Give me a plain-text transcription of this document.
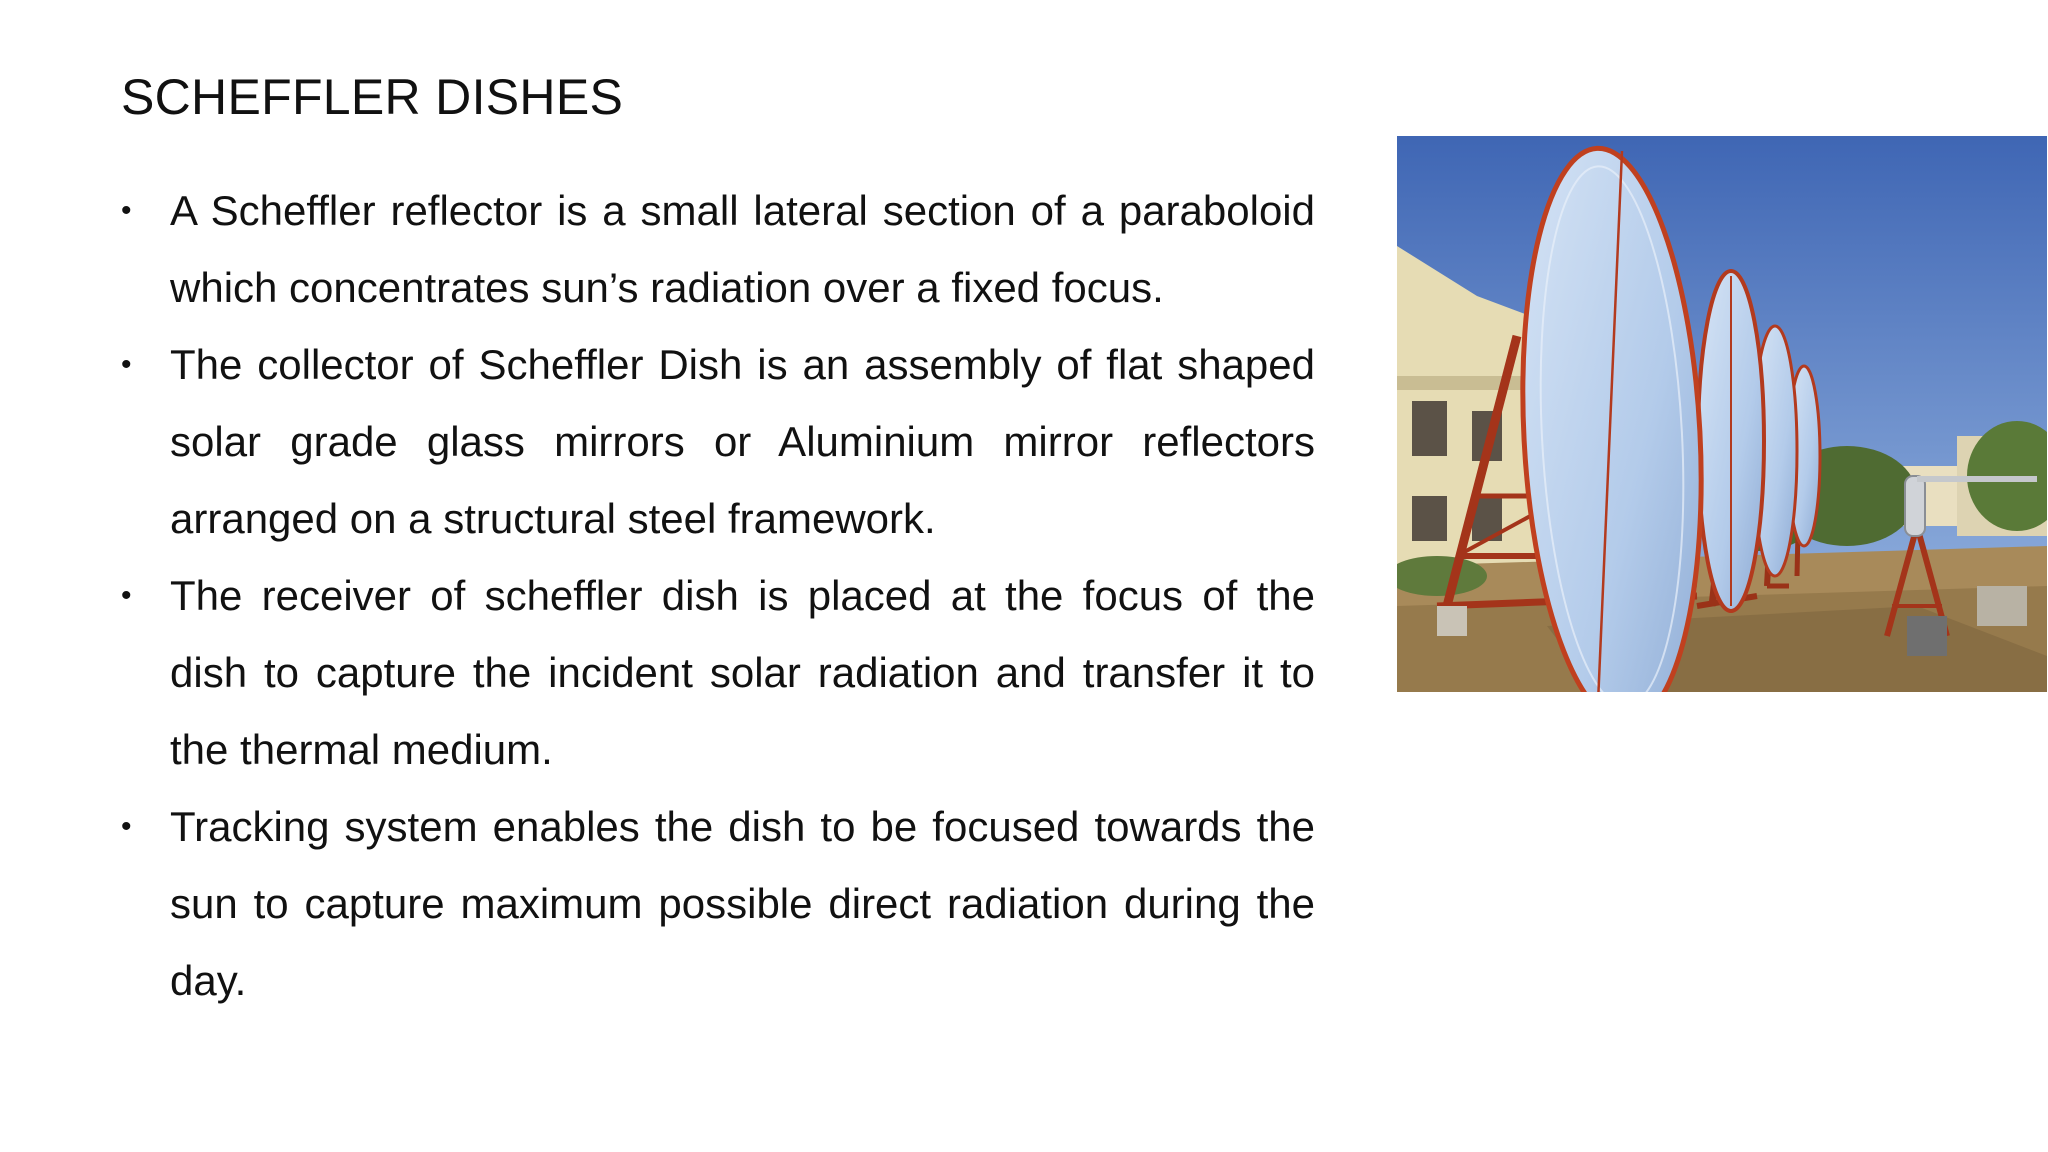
SCHEFFLER DISHES
• A Scheffler reflector is a small lateral section of a paraboloid which concentrates sun’s radiation over a fixed focus.
• The collector of Scheffler Dish is an assembly of flat shaped solar grade glass mirrors or Aluminium mirror reflectors arranged on a structural steel framework.
• The receiver of scheffler dish is placed at the focus of the dish to capture the incident solar radiation and transfer it to the thermal medium.
• Tracking system enables the dish to be focused towards the sun to capture maximum possible direct radiation during the day.
